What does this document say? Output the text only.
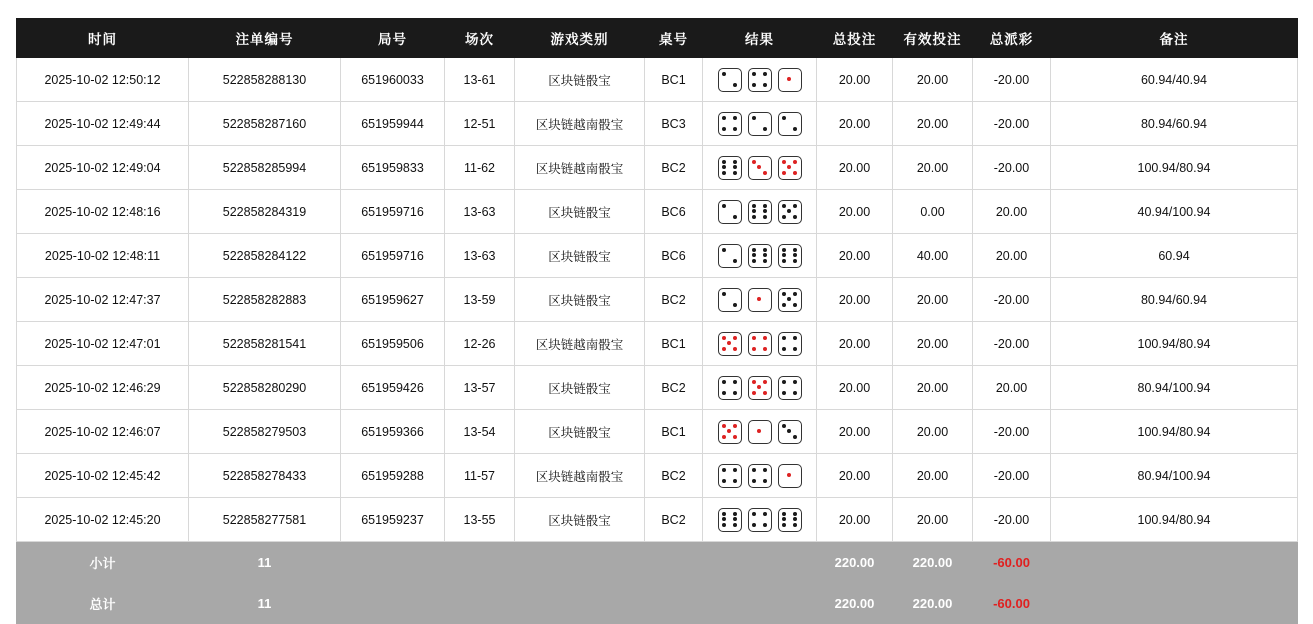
时间	注单编号	局号	场次	游戏类别	桌号	结果	总投注	有效投注	总派彩	备注
2025-10-02 12:50:12	522858288130	651960033	13-61	区块链骰宝	BC1		20.00	20.00	-20.00	60.94/40.94
2025-10-02 12:49:44	522858287160	651959944	12-51	区块链越南骰宝	BC3		20.00	20.00	-20.00	80.94/60.94
2025-10-02 12:49:04	522858285994	651959833	11-62	区块链越南骰宝	BC2		20.00	20.00	-20.00	100.94/80.94
2025-10-02 12:48:16	522858284319	651959716	13-63	区块链骰宝	BC6		20.00	0.00	20.00	40.94/100.94
2025-10-02 12:48:11	522858284122	651959716	13-63	区块链骰宝	BC6		20.00	40.00	20.00	60.94
2025-10-02 12:47:37	522858282883	651959627	13-59	区块链骰宝	BC2		20.00	20.00	-20.00	80.94/60.94
2025-10-02 12:47:01	522858281541	651959506	12-26	区块链越南骰宝	BC1		20.00	20.00	-20.00	100.94/80.94
2025-10-02 12:46:29	522858280290	651959426	13-57	区块链骰宝	BC2		20.00	20.00	20.00	80.94/100.94
2025-10-02 12:46:07	522858279503	651959366	13-54	区块链骰宝	BC1		20.00	20.00	-20.00	100.94/80.94
2025-10-02 12:45:42	522858278433	651959288	11-57	区块链越南骰宝	BC2		20.00	20.00	-20.00	80.94/100.94
2025-10-02 12:45:20	522858277581	651959237	13-55	区块链骰宝	BC2		20.00	20.00	-20.00	100.94/80.94
小计	11						220.00	220.00	-60.00	
总计	11						220.00	220.00	-60.00	
